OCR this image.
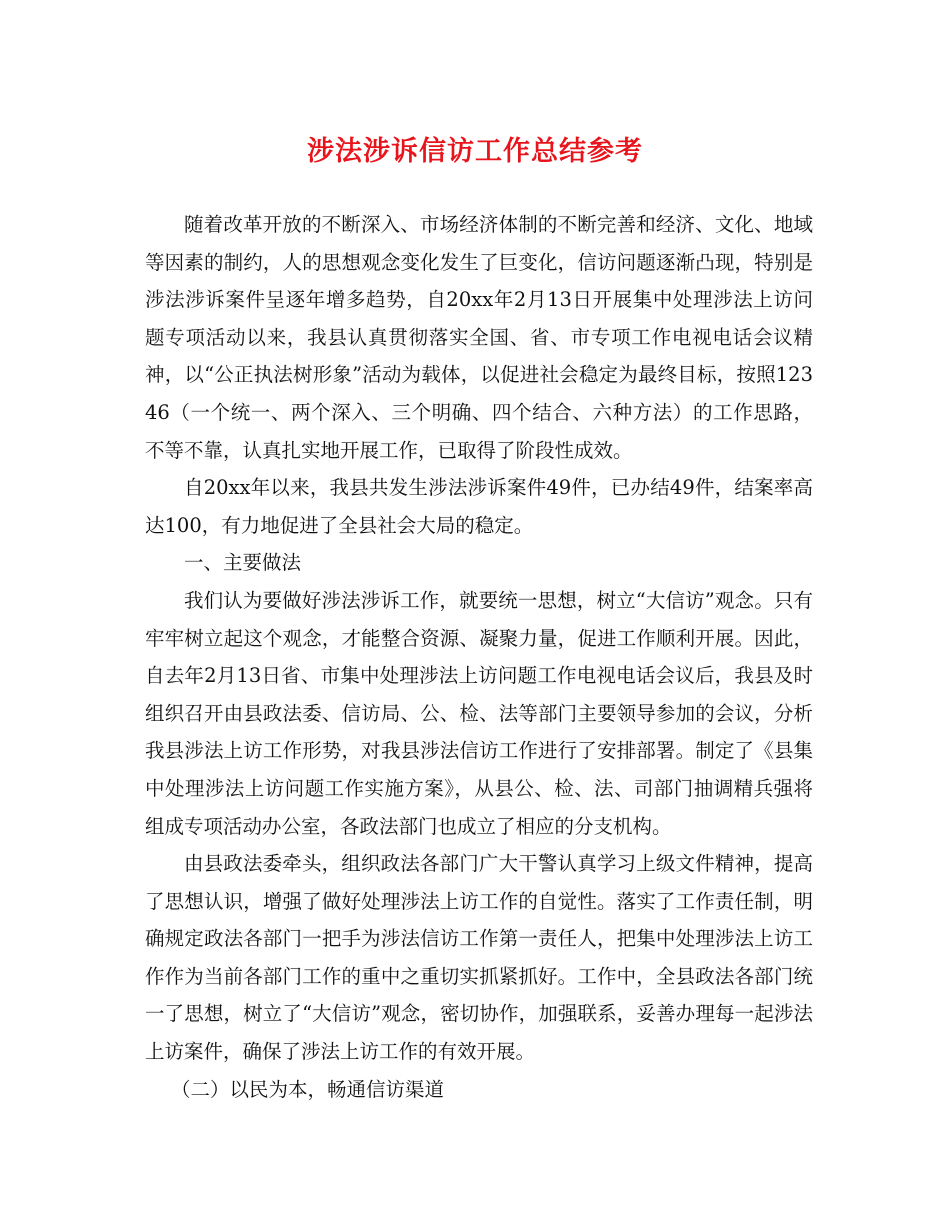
涉法涉诉信访工作总结参考

随着改革开放的不断深入、市场经济体制的不断完善和经济、文化、地域等因素的制约，人的思想观念变化发生了巨变化，信访问题逐渐凸现，特别是涉法涉诉案件呈逐年增多趋势，自20xx年2月13日开展集中处理涉法上访问题专项活动以来，我县认真贯彻落实全国、省、市专项工作电视电话会议精神，以“公正执法树形象”活动为载体，以促进社会稳定为最终目标，按照12346（一个统一、两个深入、三个明确、四个结合、六种方法）的工作思路，不等不靠，认真扎实地开展工作，已取得了阶段性成效。

自20xx年以来，我县共发生涉法涉诉案件49件，已办结49件，结案率高达100，有力地促进了全县社会大局的稳定。

一、主要做法

我们认为要做好涉法涉诉工作，就要统一思想，树立“大信访”观念。只有牢牢树立起这个观念，才能整合资源、凝聚力量，促进工作顺利开展。因此，自去年2月13日省、市集中处理涉法上访问题工作电视电话会议后，我县及时组织召开由县政法委、信访局、公、检、法等部门主要领导参加的会议，分析我县涉法上访工作形势，对我县涉法信访工作进行了安排部署。制定了《县集中处理涉法上访问题工作实施方案》，从县公、检、法、司部门抽调精兵强将组成专项活动办公室，各政法部门也成立了相应的分支机构。

由县政法委牵头，组织政法各部门广大干警认真学习上级文件精神，提高了思想认识，增强了做好处理涉法上访工作的自觉性。落实了工作责任制，明确规定政法各部门一把手为涉法信访工作第一责任人，把集中处理涉法上访工作作为当前各部门工作的重中之重切实抓紧抓好。工作中，全县政法各部门统一了思想，树立了“大信访”观念，密切协作，加强联系，妥善办理每一起涉法上访案件，确保了涉法上访工作的有效开展。

（二）以民为本，畅通信访渠道
